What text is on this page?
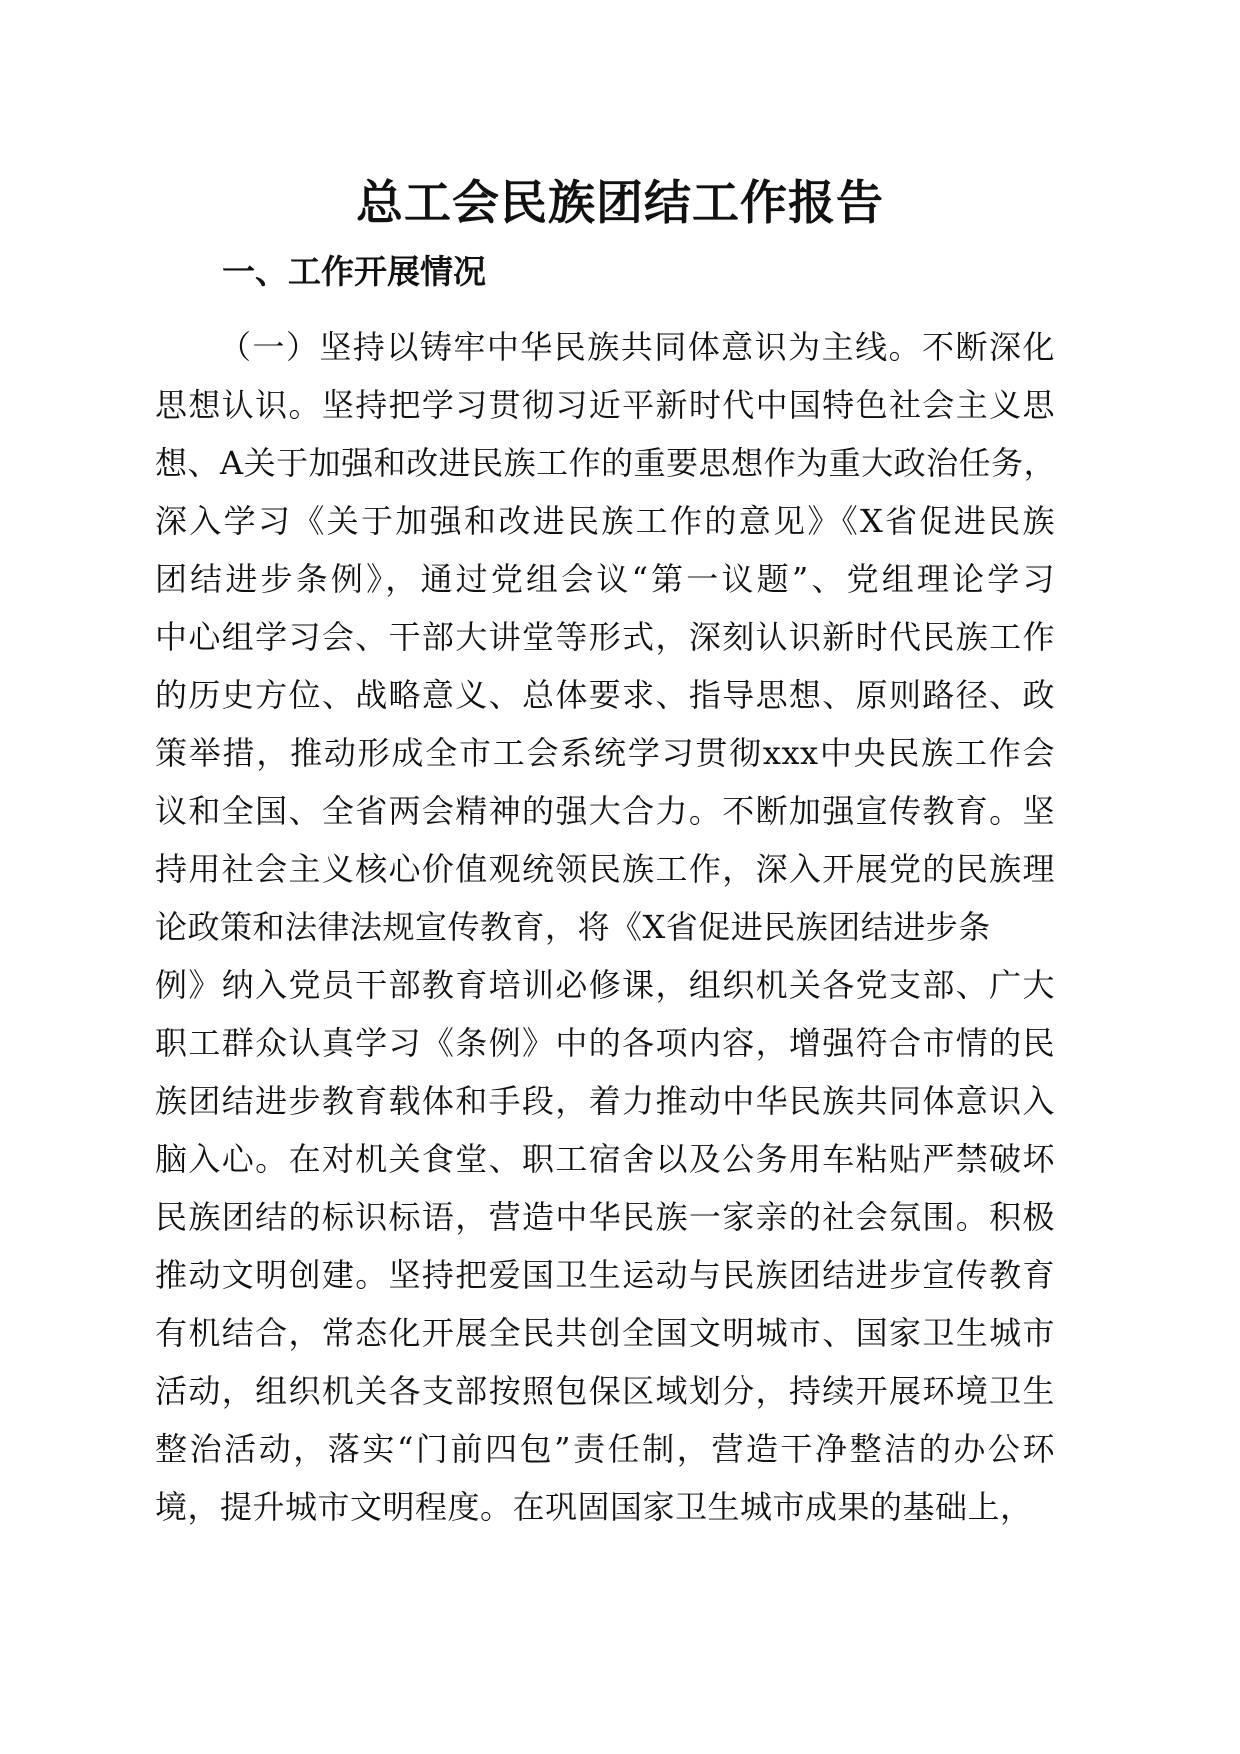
总工会民族团结工作报告
一、工作开展情况
（一）坚持以铸牢中华民族共同体意识为主线。不断深化
思想认识。坚持把学习贯彻习近平新时代中国特色社会主义思
想、A关于加强和改进民族工作的重要思想作为重大政治任务，
深入学习《关于加强和改进民族工作的意见》《X省促进民族
团结进步条例》，通过党组会议“第一议题”、党组理论学习
中心组学习会、干部大讲堂等形式，深刻认识新时代民族工作
的历史方位、战略意义、总体要求、指导思想、原则路径、政
策举措，推动形成全市工会系统学习贯彻xxx中央民族工作会
议和全国、全省两会精神的强大合力。不断加强宣传教育。坚
持用社会主义核心价值观统领民族工作，深入开展党的民族理
论政策和法律法规宣传教育，将《X省促进民族团结进步条
例》纳入党员干部教育培训必修课，组织机关各党支部、广大
职工群众认真学习《条例》中的各项内容，增强符合市情的民
族团结进步教育载体和手段，着力推动中华民族共同体意识入
脑入心。在对机关食堂、职工宿舍以及公务用车粘贴严禁破坏
民族团结的标识标语，营造中华民族一家亲的社会氛围。积极
推动文明创建。坚持把爱国卫生运动与民族团结进步宣传教育
有机结合，常态化开展全民共创全国文明城市、国家卫生城市
活动，组织机关各支部按照包保区域划分，持续开展环境卫生
整治活动，落实“门前四包”责任制，营造干净整洁的办公环
境，提升城市文明程度。在巩固国家卫生城市成果的基础上，
